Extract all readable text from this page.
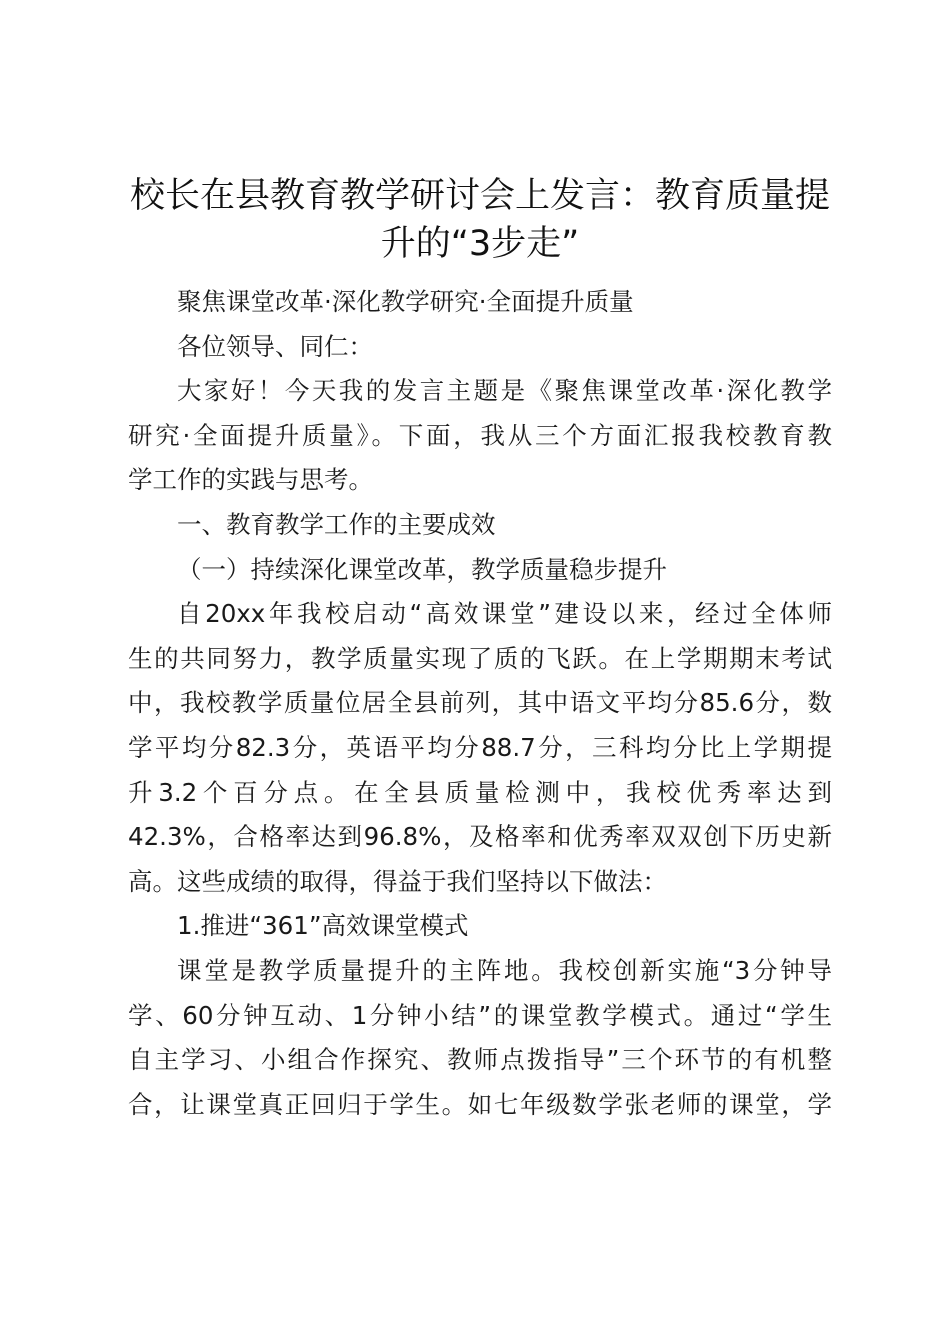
校长在县教育教学研讨会上发言：教育质量提
升的“3步走”

聚焦课堂改革·深化教学研究·全面提升质量

各位领导、同仁：

大家好！今天我的发言主题是《聚焦课堂改革·深化教学
研究·全面提升质量》。下面，我从三个方面汇报我校教育教
学工作的实践与思考。

一、教育教学工作的主要成效

（一）持续深化课堂改革，教学质量稳步提升

自20xx年我校启动“高效课堂”建设以来，经过全体师
生的共同努力，教学质量实现了质的飞跃。在上学期期末考试
中，我校教学质量位居全县前列，其中语文平均分85.6分，数
学平均分82.3分，英语平均分88.7分，三科均分比上学期提
升3.2个百分点。在全县质量检测中，我校优秀率达到
42.3%，合格率达到96.8%，及格率和优秀率双双创下历史新
高。这些成绩的取得，得益于我们坚持以下做法：

1.推进“361”高效课堂模式

课堂是教学质量提升的主阵地。我校创新实施“3分钟导
学、60分钟互动、1分钟小结”的课堂教学模式。通过“学生
自主学习、小组合作探究、教师点拨指导”三个环节的有机整
合，让课堂真正回归于学生。如七年级数学张老师的课堂，学
